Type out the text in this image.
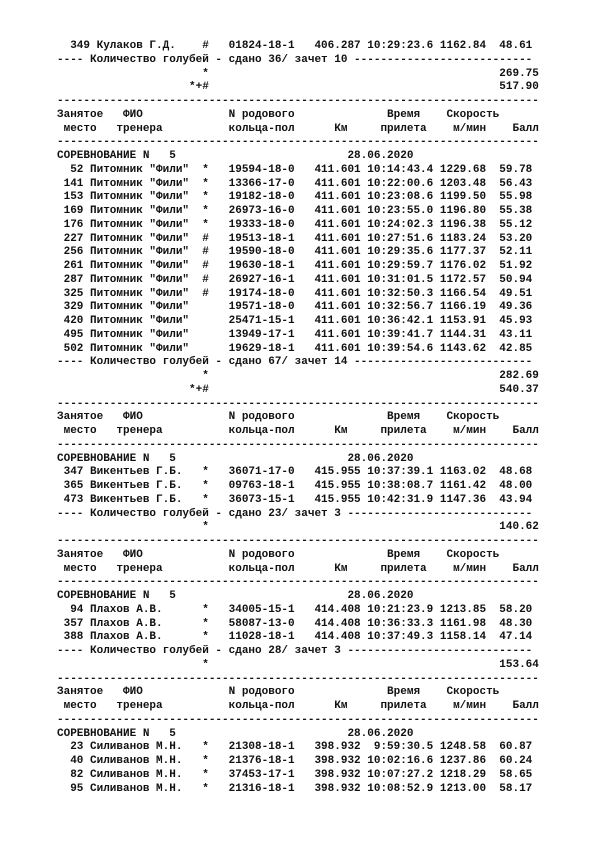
349 Кулаков Г.Д.    #   01824-18-1   406.287 10:29:23.6 1162.84  48.61
---- Количество голубей - сдано 36/ зачет 10 ---------------------------
*                                            269.75
*+#                                            517.90
-------------------------------------------------------------------------
Занятое   ФИО             N родового              Время    Скорость
место   тренера          кольца-пол      Км     прилета    м/мин    Балл
-------------------------------------------------------------------------
СОРЕВНОВАНИЕ N   5                          28.06.2020
52 Питомник "Фили"  *   19594-18-0   411.601 10:14:43.4 1229.68  59.78
141 Питомник "Фили"  *   13366-17-0   411.601 10:22:00.6 1203.48  56.43
153 Питомник "Фили"  *   19182-18-0   411.601 10:23:08.6 1199.50  55.98
169 Питомник "Фили"  *   26973-16-0   411.601 10:23:55.0 1196.80  55.38
176 Питомник "Фили"  *   19333-18-0   411.601 10:24:02.3 1196.38  55.12
227 Питомник "Фили"  #   19513-18-1   411.601 10:27:51.6 1183.24  53.20
256 Питомник "Фили"  #   19590-18-0   411.601 10:29:35.6 1177.37  52.11
261 Питомник "Фили"  #   19630-18-1   411.601 10:29:59.7 1176.02  51.92
287 Питомник "Фили"  #   26927-16-1   411.601 10:31:01.5 1172.57  50.94
325 Питомник "Фили"  #   19174-18-0   411.601 10:32:50.3 1166.54  49.51
329 Питомник "Фили"      19571-18-0   411.601 10:32:56.7 1166.19  49.36
420 Питомник "Фили"      25471-15-1   411.601 10:36:42.1 1153.91  45.93
495 Питомник "Фили"      13949-17-1   411.601 10:39:41.7 1144.31  43.11
502 Питомник "Фили"      19629-18-1   411.601 10:39:54.6 1143.62  42.85
---- Количество голубей - сдано 67/ зачет 14 ---------------------------
*                                            282.69
*+#                                            540.37
-------------------------------------------------------------------------
Занятое   ФИО             N родового              Время    Скорость
место   тренера          кольца-пол      Км     прилета    м/мин    Балл
-------------------------------------------------------------------------
СОРЕВНОВАНИЕ N   5                          28.06.2020
347 Викентьев Г.Б.   *   36071-17-0   415.955 10:37:39.1 1163.02  48.68
365 Викентьев Г.Б.   *   09763-18-1   415.955 10:38:08.7 1161.42  48.00
473 Викентьев Г.Б.   *   36073-15-1   415.955 10:42:31.9 1147.36  43.94
---- Количество голубей - сдано 23/ зачет 3 ----------------------------
*                                            140.62
-------------------------------------------------------------------------
Занятое   ФИО             N родового              Время    Скорость
место   тренера          кольца-пол      Км     прилета    м/мин    Балл
-------------------------------------------------------------------------
СОРЕВНОВАНИЕ N   5                          28.06.2020
94 Плахов А.В.      *   34005-15-1   414.408 10:21:23.9 1213.85  58.20
357 Плахов А.В.      *   58087-13-0   414.408 10:36:33.3 1161.98  48.30
388 Плахов А.В.      *   11028-18-1   414.408 10:37:49.3 1158.14  47.14
---- Количество голубей - сдано 28/ зачет 3 ----------------------------
*                                            153.64
-------------------------------------------------------------------------
Занятое   ФИО             N родового              Время    Скорость
место   тренера          кольца-пол      Км     прилета    м/мин    Балл
-------------------------------------------------------------------------
СОРЕВНОВАНИЕ N   5                          28.06.2020
23 Силиванов М.Н.   *   21308-18-1   398.932  9:59:30.5 1248.58  60.87
40 Силиванов М.Н.   *   21376-18-1   398.932 10:02:16.6 1237.86  60.24
82 Силиванов М.Н.   *   37453-17-1   398.932 10:07:27.2 1218.29  58.65
95 Силиванов М.Н.   *   21316-18-1   398.932 10:08:52.9 1213.00  58.17
